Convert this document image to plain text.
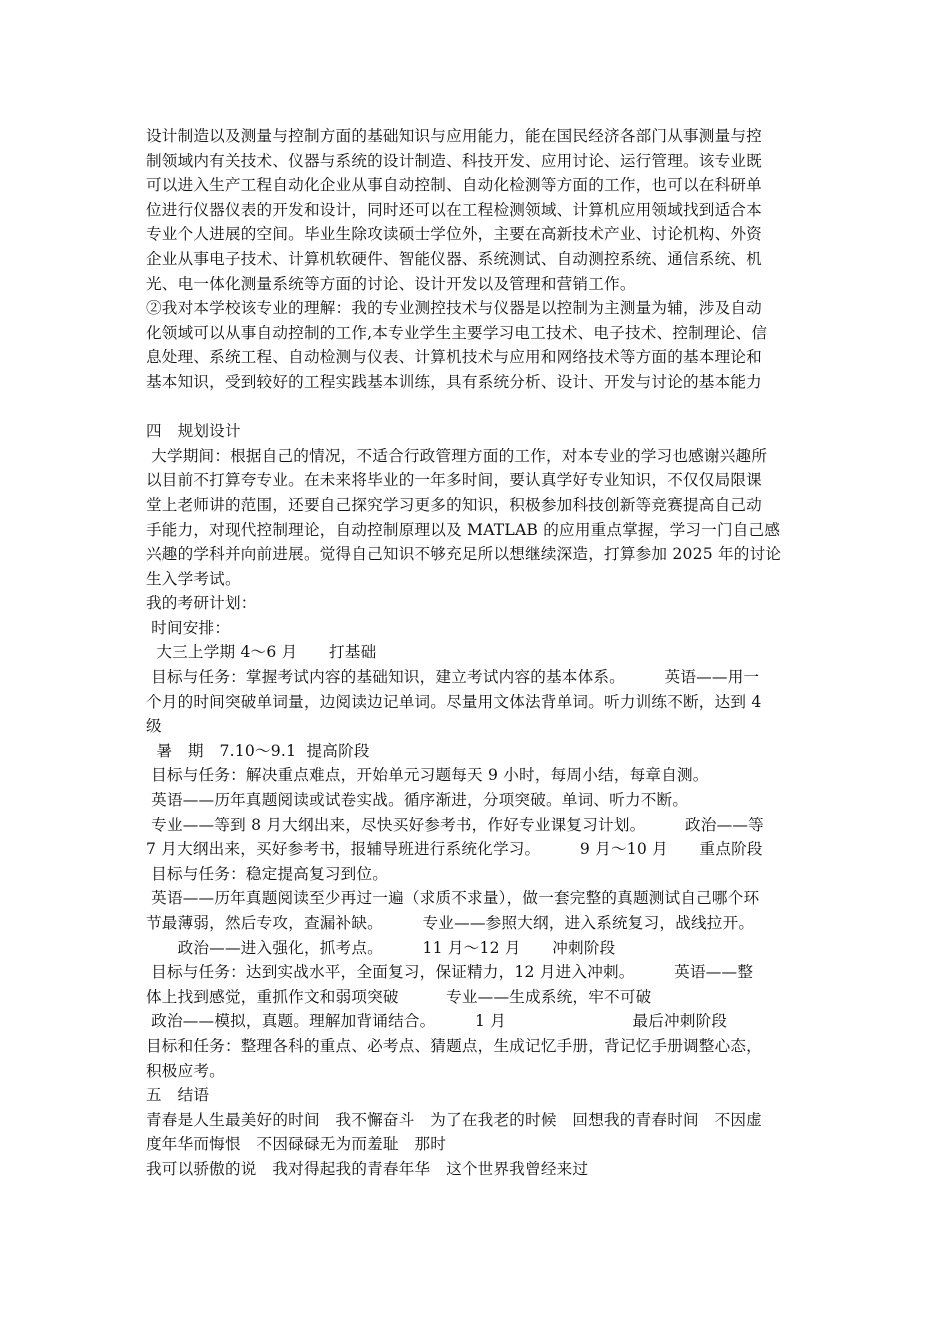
设计制造以及测量与控制方面的基础知识与应用能力，能在国民经济各部门从事测量与控
制领域内有关技术、仪器与系统的设计制造、科技开发、应用讨论、运行管理。该专业既
可以进入生产工程自动化企业从事自动控制、自动化检测等方面的工作，也可以在科研单
位进行仪器仪表的开发和设计，同时还可以在工程检测领域、计算机应用领域找到适合本
专业个人进展的空间。毕业生除攻读硕士学位外，主要在高新技术产业、讨论机构、外资
企业从事电子技术、计算机软硬件、智能仪器、系统测试、自动测控系统、通信系统、机
光、电一体化测量系统等方面的讨论、设计开发以及管理和营销工作。
②我对本学校该专业的理解：我的专业测控技术与仪器是以控制为主测量为辅，涉及自动
化领域可以从事自动控制的工作,本专业学生主要学习电工技术、电子技术、控制理论、信
息处理、系统工程、自动检测与仪表、计算机技术与应用和网络技术等方面的基本理论和
基本知识，受到较好的工程实践基本训练，具有系统分析、设计、开发与讨论的基本能力
四　规划设计
大学期间：根据自己的情况，不适合行政管理方面的工作，对本专业的学习也感谢兴趣所
以目前不打算夸专业。在未来将毕业的一年多时间，要认真学好专业知识，不仅仅局限课
堂上老师讲的范围，还要自己探究学习更多的知识，积极参加科技创新等竞赛提高自己动
手能力，对现代控制理论，自动控制原理以及 MATLAB 的应用重点掌握，学习一门自己感
兴趣的学科并向前进展。觉得自己知识不够充足所以想继续深造，打算参加 2025 年的讨论
生入学考试。
我的考研计划：
时间安排：
大三上学期 4～6 月　　打基础
目标与任务：掌握考试内容的基础知识，建立考试内容的基本体系。　　　英语——用一
个月的时间突破单词量，边阅读边记单词。尽量用文体法背单词。听力训练不断，达到 4
级
暑　期　7.10～9.1  提高阶段
目标与任务：解决重点难点，开始单元习题每天 9 小时，每周小结，每章自测。
英语——历年真题阅读或试卷实战。循序渐进，分项突破。单词、听力不断。
专业——等到 8 月大纲出来，尽快买好参考书，作好专业课复习计划。　　　政治——等
7 月大纲出来，买好参考书，报辅导班进行系统化学习。　　　9 月～10 月　　重点阶段
目标与任务：稳定提高复习到位。
英语——历年真题阅读至少再过一遍（求质不求量），做一套完整的真题测试自己哪个环
节最薄弱，然后专攻，查漏补缺。　　　专业——参照大纲，进入系统复习，战线拉开。
　　政治——进入强化，抓考点。　　　11 月～12 月　　冲刺阶段
目标与任务：达到实战水平，全面复习，保证精力，12 月进入冲刺。　　　英语——整
体上找到感觉，重抓作文和弱项突破　　　专业——生成系统，牢不可破
政治——模拟，真题。理解加背诵结合。　　　1 月　　　　　　　　最后冲刺阶段
目标和任务：整理各科的重点、必考点、猜题点，生成记忆手册，背记忆手册调整心态，
积极应考。
五　结语
青春是人生最美好的时间　我不懈奋斗　为了在我老的时候　回想我的青春时间　不因虚
度年华而悔恨　不因碌碌无为而羞耻　那时
我可以骄傲的说　我对得起我的青春年华　这个世界我曾经来过
